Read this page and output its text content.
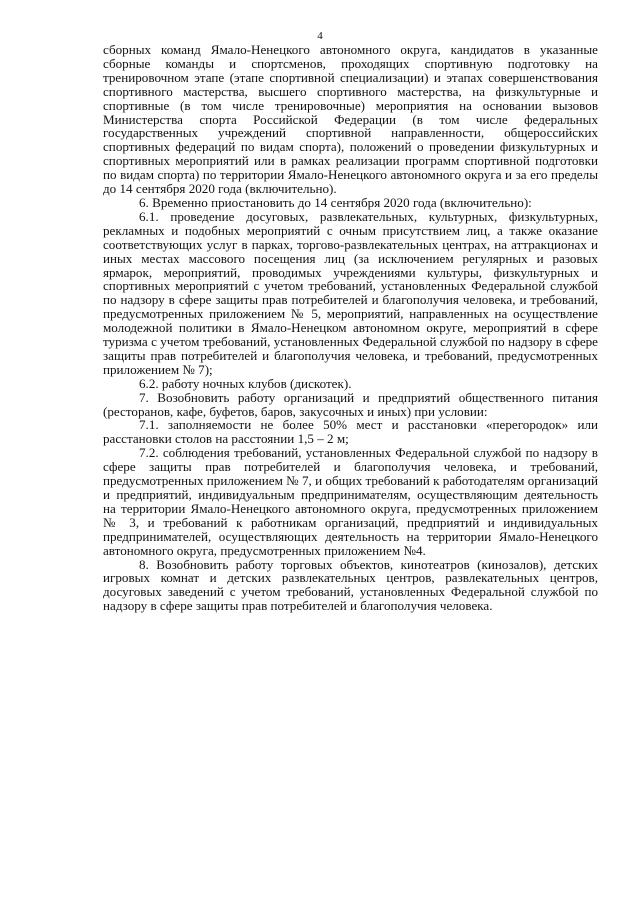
4

сборных команд Ямало-Ненецкого автономного округа, кандидатов в указанные сборные команды и спортсменов, проходящих спортивную подготовку на тренировочном этапе (этапе спортивной специализации) и этапах совершенствования спортивного мастерства, высшего спортивного мастерства, на физкультурные и спортивные (в том числе тренировочные) мероприятия на основании вызовов Министерства спорта Российской Федерации (в том числе федеральных государственных учреждений спортивной направленности, общероссийских спортивных федераций по видам спорта), положений о проведении физкультурных и спортивных мероприятий или в рамках реализации программ спортивной подготовки по видам спорта) по территории Ямало-Ненецкого автономного округа и за его пределы до 14 сентября 2020 года (включительно).

6. Временно приостановить до 14 сентября 2020 года (включительно):

6.1. проведение досуговых, развлекательных, культурных, физкультурных, рекламных и подобных мероприятий с очным присутствием лиц, а также оказание соответствующих услуг в парках, торгово-развлекательных центрах, на аттракционах и иных местах массового посещения лиц (за исключением регулярных и разовых ярмарок, мероприятий, проводимых учреждениями культуры, физкультурных и спортивных мероприятий с учетом требований, установленных Федеральной службой по надзору в сфере защиты прав потребителей и благополучия человека, и требований, предусмотренных приложением № 5, мероприятий, направленных на осуществление молодежной политики в Ямало-Ненецком автономном округе, мероприятий в сфере туризма с учетом требований, установленных Федеральной службой по надзору в сфере защиты прав потребителей и благополучия человека, и требований, предусмотренных приложением № 7);

6.2. работу ночных клубов (дискотек).

7. Возобновить работу организаций и предприятий общественного питания (ресторанов, кафе, буфетов, баров, закусочных и иных) при условии:

7.1. заполняемости не более 50% мест и расстановки «перегородок» или расстановки столов на расстоянии 1,5 – 2 м;

7.2. соблюдения требований, установленных Федеральной службой по надзору в сфере защиты прав потребителей и благополучия человека, и требований, предусмотренных приложением № 7, и общих требований к работодателям организаций и предприятий, индивидуальным предпринимателям, осуществляющим деятельность на территории Ямало-Ненецкого автономного округа, предусмотренных приложением № 3, и требований к работникам организаций, предприятий и индивидуальных предпринимателей, осуществляющих деятельность на территории Ямало-Ненецкого автономного округа, предусмотренных приложением №4.

8. Возобновить работу торговых объектов, кинотеатров (кинозалов), детских игровых комнат и детских развлекательных центров, развлекательных центров, досуговых заведений с учетом требований, установленных Федеральной службой по надзору в сфере защиты прав потребителей и благополучия человека.
